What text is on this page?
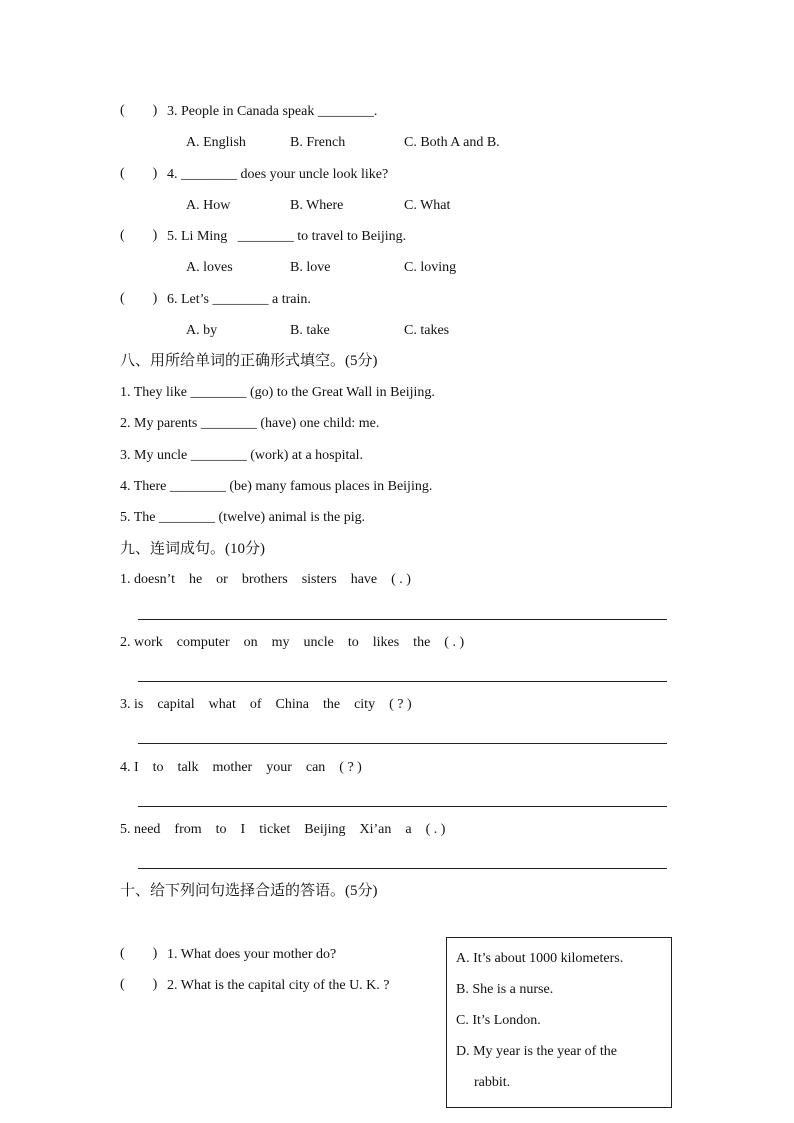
(        ) 3. People in Canada speak ________.
A. English	B. French	C. Both A and B.
(        ) 4. ________ does your uncle look like?
A. How	B. Where	C. What
(        ) 5. Li Ming   ________ to travel to Beijing.
A. loves	B. love	C. loving
(        ) 6. Let’s ________ a train.
A. by	B. take	C. takes
八、用所给单词的正确形式填空。(5分)
1. They like ________ (go) to the Great Wall in Beijing.
2. My parents ________ (have) one child: me.
3. My uncle ________ (work) at a hospital.
4. There ________ (be) many famous places in Beijing.
5. The ________ (twelve) animal is the pig.
九、连词成句。(10分)
1. doesn’t    he    or    brothers    sisters    have    ( . )
2. work    computer    on    my    uncle    to    likes    the    ( . )
3. is    capital    what    of    China    the    city    ( ? )
4. I    to    talk    mother    your    can    ( ? )
5. need    from    to    I    ticket    Beijing    Xi’an    a    ( . )
十、给下列问句选择合适的答语。(5分)
(        ) 1. What does your mother do?
(        ) 2. What is the capital city of the U. K. ?
A. It’s about 1000 kilometers.
B. She is a nurse.
C. It’s London.
D. My year is the year of the
rabbit.
